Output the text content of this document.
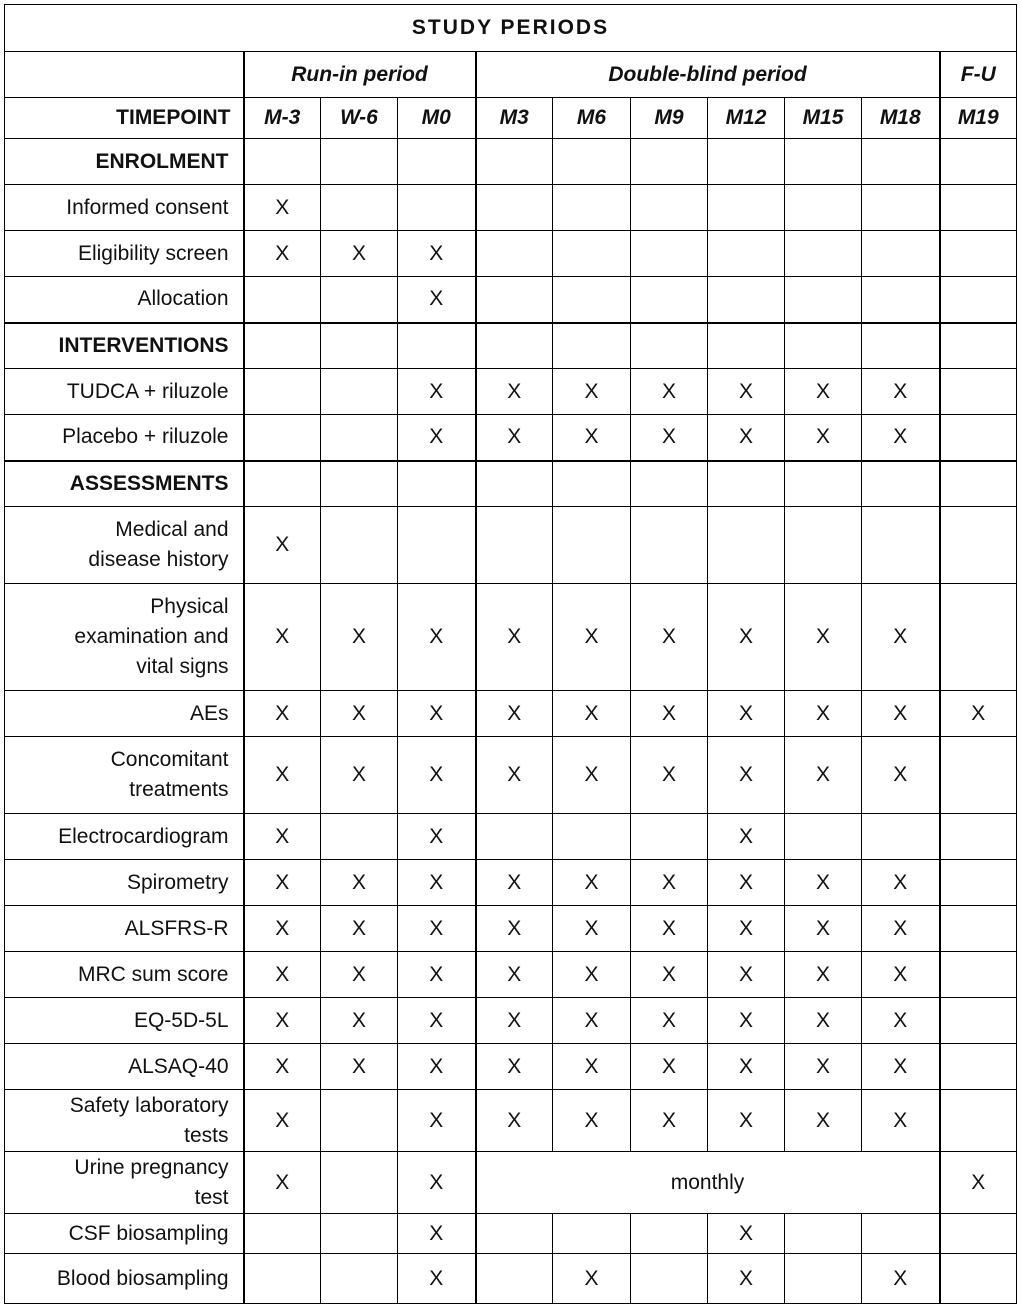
STUDY PERIODS										
	Run-in period			Double-blind period						F-U
TIMEPOINT	M-3	W-6	M0	M3	M6	M9	M12	M15	M18	M19
ENROLMENT										
Informed consent	X									
Eligibility screen	X	X	X							
Allocation			X							
INTERVENTIONS										
TUDCA + riluzole			X	X	X	X	X	X	X	
Placebo + riluzole			X	X	X	X	X	X	X	
ASSESSMENTS										

Medical and
disease history	X									

Physical
examination and
vital signs	X	X	X	X	X	X	X	X	X	
AEs	X	X	X	X	X	X	X	X	X	X

Concomitant
treatments	X	X	X	X	X	X	X	X	X	
Electrocardiogram	X		X				X			
Spirometry	X	X	X	X	X	X	X	X	X	
ALSFRS-R	X	X	X	X	X	X	X	X	X	
MRC sum score	X	X	X	X	X	X	X	X	X	
EQ-5D-5L	X	X	X	X	X	X	X	X	X	
ALSAQ-40	X	X	X	X	X	X	X	X	X	

Safety laboratory
tests	X		X	X	X	X	X	X	X	

Urine pregnancy
test	X		X	monthly						X
CSF biosampling			X				X			
Blood biosampling			X		X		X		X	
